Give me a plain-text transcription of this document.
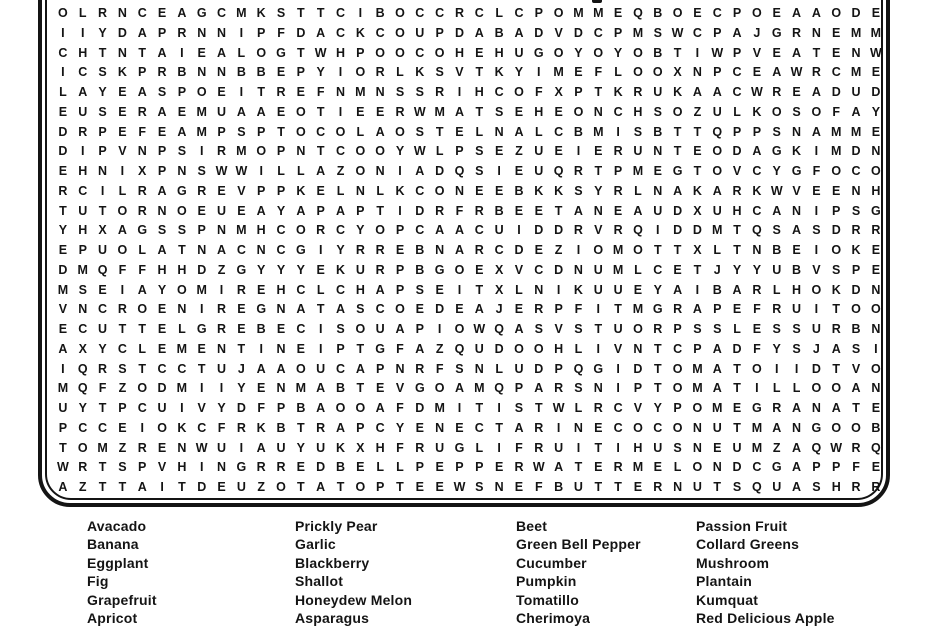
O L R N C E A G C M K S T T C	I	B O C C R C L C P O M M E Q B O E C P O E A A O D E
I	I	Y D A P R N N	I	P F D A C K C O U P D A B A D V D C P M S W C P A J G R N E M M
C H T N T A	I	E A L O G T W H P O O C O H E H U G O Y O Y O B T	I W P V E A T E N W
I	C S K P R B N N B B E P Y	I	O R L K S V T K Y	I	M E F L O O X N P C E A W R C M E
L A Y E A S P O E	I	T R E F N M N S S R	I	H C O F X P T K R U K A A C W R E A D U D
E U S E R A E M U A A E O T	I	E E R W M A T S E H E O N C H S O Z U L K O S O F A Y
D R P E F E A M P S P T O C O L A O S T E L N A L C B M	I	S B T T Q P P S N A M M E
D	I	P V N P S	I	R M O P N T C O O Y W L P S E Z U E	I	E R U N T E O D A G K	I	M D N
E H N	I	X P N S W W I	L L A Z O N	I	A D Q S	I	E U Q R T P M E G T O V C Y G F O C O
R C	I	L R A G R E V P P K E L N L K C O N E E B K K S Y R L N A K A R K W V E E N H
T U T O R N O E U E A Y A P A P T	I	D R F R B E E T A N E A U D X U H C A N	I	P S G
Y H X A G S S P N M H C O R C Y O P C A A C U	I	D D R V R Q	I	D D M T Q S A S D R R
E P U O L A T N A C N C G	I	Y R R E B N A R C D E Z	I	O M O T T X L T N B E	I	O K E
D M Q F F H H D Z G Y Y Y E K U R P B G O E X V C D N U M L C E T	J Y Y U B V S P E
M S E	I	A Y O M	I	R E H C L C H A P S E	I	T X L N	I	K U U E Y A	I	B A R L H O K D N
V N C R O E N	I	R E G N A T A S C O E D E A J E R P F	I	T M G R A P E F R U	I	T O O
E C U T T E L G R E B E C	I	S O U A P	I	O W Q A S V S T U O R P S S L E S S U R B N
A X Y C L E M E N T	I	N E	I	P T G F A Z Q U D O O H L	I	V N T C P A D F Y S J A S	I
I	Q R S T C C T U J A A O U C A P N R F S N L U D P Q G	I	D T O M A T O	I	I	D T V O
M Q F Z O D M	I	I	Y E N M A B T E V G O A M Q P A R S N	I	P T O M A T	I	L L O O A N
U Y T P C U	I	V Y D F P B A O O A F D M	I	T	I	S T W L R C V Y P O M E G R A N A T E
P C C E	I	O K C F R K B T R A P C Y E N E C T A R	I	N E C O C O N U T M A N G O O B
T O M Z R E N W U	I	A U Y U K X H F R U G L	I	F R U	I	T	I	H U S N E U M Z A Q W R Q
W R T S P V H	I	N G R R E D B E L L P E P P E R W A T E R M E L O N D C G A P P F E
A Z T T A	I	T D E U Z O T A T O P T E E W S N E F B U T T E R N U T S Q U A S H R R
Avacado
Banana
Eggplant
Fig
Grapefruit
Apricot
Prickly Pear
Garlic
Blackberry
Shallot
Honeydew Melon
Asparagus
Beet
Green Bell Pepper
Cucumber
Pumpkin
Tomatillo
Cherimoya
Passion Fruit
Collard Greens
Mushroom
Plantain
Kumquat
Red Delicious Apple
